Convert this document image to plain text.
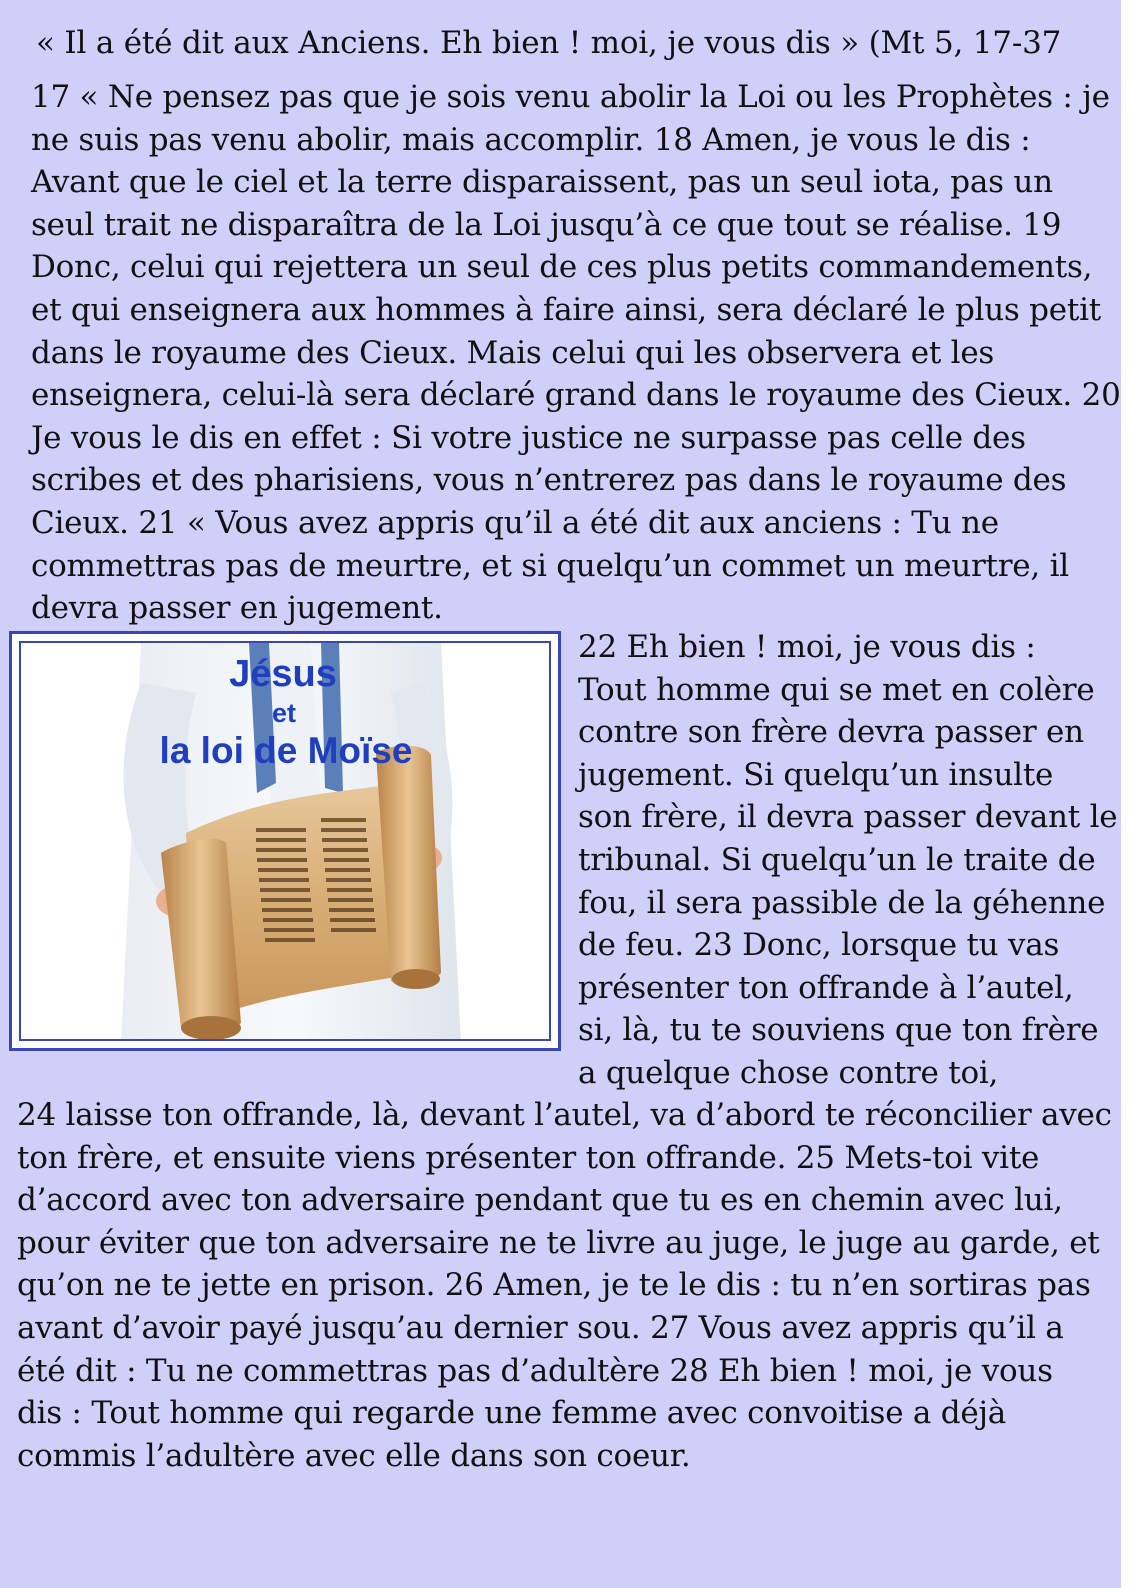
« Il a été dit aux Anciens. Eh bien ! moi, je vous dis » (Mt 5, 17-37
17 « Ne pensez pas que je sois venu abolir la Loi ou les Prophètes : je
ne suis pas venu abolir, mais accomplir. 18 Amen, je vous le dis :
Avant que le ciel et la terre disparaissent, pas un seul iota, pas un
seul trait ne disparaîtra de la Loi jusqu’à ce que tout se réalise. 19
Donc, celui qui rejettera un seul de ces plus petits commandements,
et qui enseignera aux hommes à faire ainsi, sera déclaré le plus petit
dans le royaume des Cieux. Mais celui qui les observera et les
enseignera, celui-là sera déclaré grand dans le royaume des Cieux. 20
Je vous le dis en effet : Si votre justice ne surpasse pas celle des
scribes et des pharisiens, vous n’entrerez pas dans le royaume des
Cieux. 21 « Vous avez appris qu’il a été dit aux anciens : Tu ne
commettras pas de meurtre, et si quelqu’un commet un meurtre, il
devra passer en jugement.
Jésus
et
la loi de Moïse
22 Eh bien ! moi, je vous dis :
Tout homme qui se met en colère
contre son frère devra passer en
jugement. Si quelqu’un insulte
son frère, il devra passer devant le
tribunal. Si quelqu’un le traite de
fou, il sera passible de la géhenne
de feu. 23 Donc, lorsque tu vas
présenter ton offrande à l’autel,
si, là, tu te souviens que ton frère
a quelque chose contre toi,
24 laisse ton offrande, là, devant l’autel, va d’abord te réconcilier avec
ton frère, et ensuite viens présenter ton offrande. 25 Mets-toi vite
d’accord avec ton adversaire pendant que tu es en chemin avec lui,
pour éviter que ton adversaire ne te livre au juge, le juge au garde, et
qu’on ne te jette en prison. 26 Amen, je te le dis : tu n’en sortiras pas
avant d’avoir payé jusqu’au dernier sou. 27 Vous avez appris qu’il a
été dit : Tu ne commettras pas d’adultère 28 Eh bien ! moi, je vous
dis : Tout homme qui regarde une femme avec convoitise a déjà
commis l’adultère avec elle dans son coeur.
